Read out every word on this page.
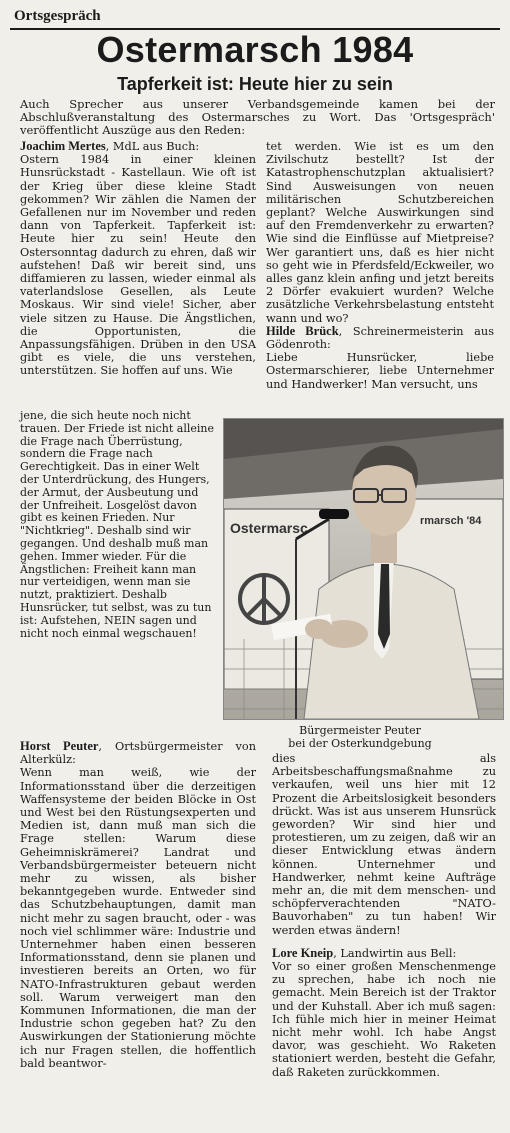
Ortsgespräch
Ostermarsch 1984
Tapferkeit ist: Heute hier zu sein
Auch Sprecher aus unserer Verbandsgemeinde kamen bei der Abschlußveranstaltung des Ostermarsches zu Wort. Das 'Ortsgespräch' veröffentlicht Auszüge aus den Reden:

Joachim Mertes, MdL aus Buch:

Ostern 1984 in einer kleinen Hunsrückstadt - Kastellaun. Wie oft ist der Krieg über diese kleine Stadt gekommen? Wir zählen die Namen der Gefallenen nur im November und reden dann von Tapferkeit. Tapferkeit ist: Heute hier zu sein! Heute den Ostersonntag dadurch zu ehren, daß wir aufstehen! Daß wir bereit sind, uns diffamieren zu lassen, wieder einmal als vaterlandslose Gesellen, als Leute Moskaus. Wir sind viele! Sicher, aber viele sitzen zu Hause. Die Ängstlichen, die Opportunisten, die Anpassungsfähigen. Drüben in den USA gibt es viele, die uns verstehen, unterstützen. Sie hoffen auf uns. Wie

tet werden. Wie ist es um den Zivilschutz bestellt? Ist der Katastrophenschutzplan aktualisiert? Sind Ausweisungen von neuen militärischen Schutzbereichen geplant? Welche Auswirkungen sind auf den Fremdenverkehr zu erwarten? Wie sind die Einflüsse auf Mietpreise? Wer garantiert uns, daß es hier nicht so geht wie in Pferdsfeld/Eckweiler, wo alles ganz klein anfing und jetzt bereits 2 Dörfer evakuiert wurden? Welche zusätzliche Verkehrsbelastung entsteht wann und wo?

Hilde Brück, Schreinermeisterin aus Gödenroth:

Liebe Hunsrücker, liebe Ostermarschierer, liebe Unternehmer und Handwerker! Man versucht, uns

jene, die sich heute noch nicht trauen. Der Friede ist nicht alleine die Frage nach Überrüstung, sondern die Frage nach Gerechtigkeit. Das in einer Welt der Unterdrückung, des Hungers, der Armut, der Ausbeutung und der Unfreiheit. Losgelöst davon gibt es keinen Frieden. Nur "Nichtkrieg". Deshalb sind wir gegangen. Und deshalb muß man gehen. Immer wieder. Für die Ängstlichen: Freiheit kann man nur verteidigen, wenn man sie nutzt, praktiziert. Deshalb Hunsrücker, tut selbst, was zu tun ist: Aufstehen, NEIN sagen und nicht noch einmal wegschauen!

Ostermarsc	rmarsch '84
Bürgermeister Peuter
bei der Osterkundgebung

Horst Peuter, Ortsbürgermeister von Alterkülz:

Wenn man weiß, wie der Informationsstand über die derzeitigen Waffensysteme der beiden Blöcke in Ost und West bei den Rüstungsexperten und Medien ist, dann muß man sich die Frage stellen: Warum diese Geheimniskrämerei? Landrat und Verbandsbürgermeister beteuern nicht mehr zu wissen, als bisher bekanntgegeben wurde. Entweder sind das Schutzbehauptungen, damit man nicht mehr zu sagen braucht, oder - was noch viel schlimmer wäre: Industrie und Unternehmer haben einen besseren Informationsstand, denn sie planen und investieren bereits an Orten, wo für NATO-Infrastrukturen gebaut werden soll. Warum verweigert man den Kommunen Informationen, die man der Industrie schon gegeben hat? Zu den Auswirkungen der Stationierung möchte ich nur Fragen stellen, die hoffentlich bald beantwor-

dies als Arbeitsbeschaffungsmaßnahme zu verkaufen, weil uns hier mit 12 Prozent die Arbeitslosigkeit besonders drückt. Was ist aus unserem Hunsrück geworden? Wir sind hier und protestieren, um zu zeigen, daß wir an dieser Entwicklung etwas ändern können. Unternehmer und Handwerker, nehmt keine Aufträge mehr an, die mit dem menschen- und schöpferverachtenden "NATO-Bauvorhaben" zu tun haben! Wir werden etwas ändern!

Lore Kneip, Landwirtin aus Bell:

Vor so einer großen Menschenmenge zu sprechen, habe ich noch nie gemacht. Mein Bereich ist der Traktor und der Kuhstall. Aber ich muß sagen: Ich fühle mich hier in meiner Heimat nicht mehr wohl. Ich habe Angst davor, was geschieht. Wo Raketen stationiert werden, besteht die Gefahr, daß Raketen zurückkommen.
